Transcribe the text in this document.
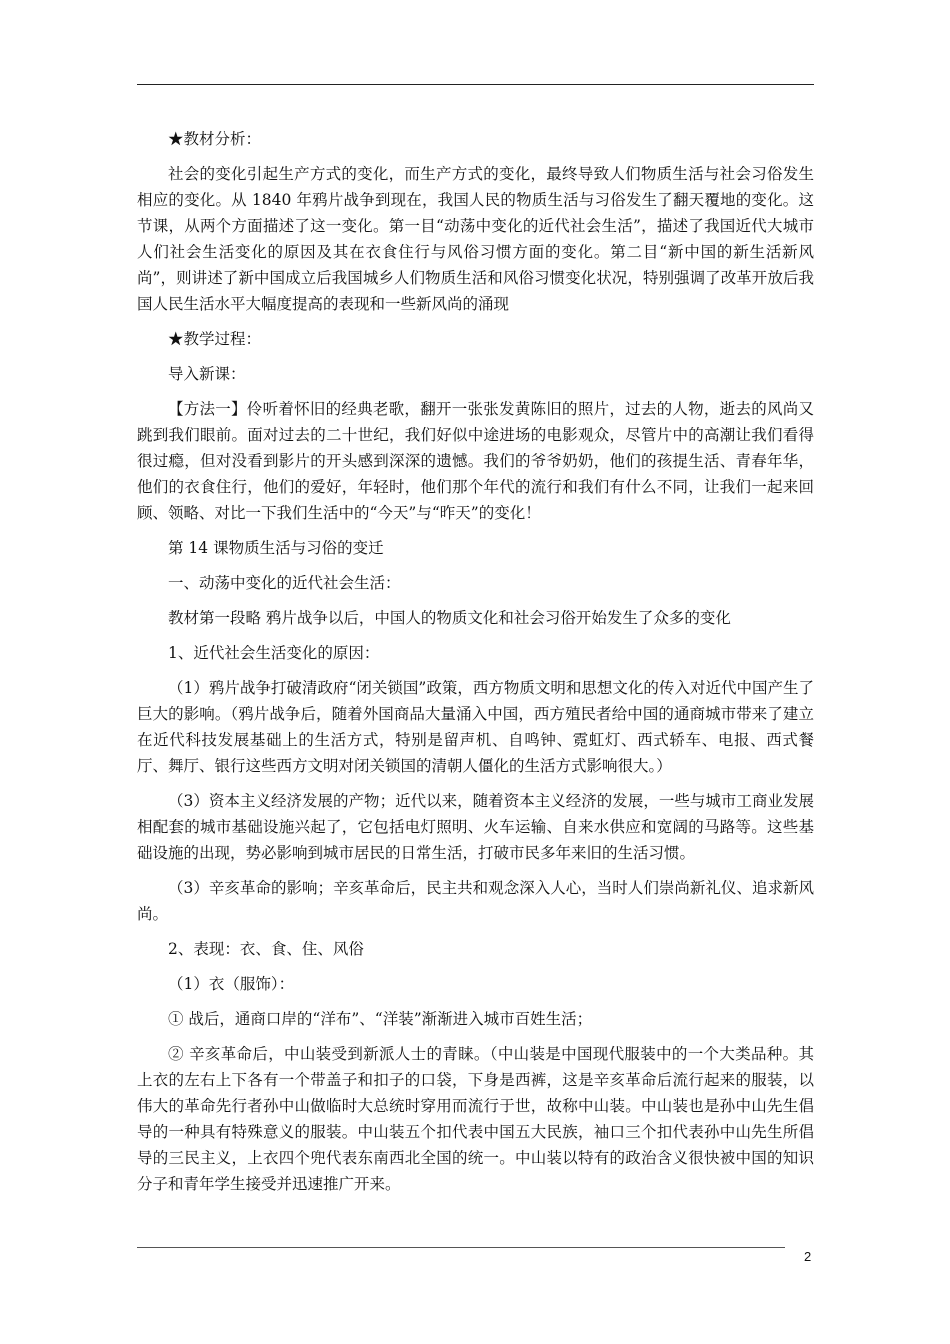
★教材分析：

社会的变化引起生产方式的变化，而生产方式的变化，最终导致人们物质生活与社会习俗发生相应的变化。从 1840 年鸦片战争到现在，我国人民的物质生活与习俗发生了翻天覆地的变化。这节课，从两个方面描述了这一变化。第一目“动荡中变化的近代社会生活”，描述了我国近代大城市人们社会生活变化的原因及其在衣食住行与风俗习惯方面的变化。第二目“新中国的新生活新风尚”，则讲述了新中国成立后我国城乡人们物质生活和风俗习惯变化状况，特别强调了改革开放后我国人民生活水平大幅度提高的表现和一些新风尚的涌现

★教学过程：

导入新课：

【方法一】伶听着怀旧的经典老歌，翻开一张张发黄陈旧的照片，过去的人物，逝去的风尚又跳到我们眼前。面对过去的二十世纪，我们好似中途进场的电影观众，尽管片中的高潮让我们看得很过瘾，但对没看到影片的开头感到深深的遗憾。我们的爷爷奶奶，他们的孩提生活、青春年华，他们的衣食住行，他们的爱好，年轻时，他们那个年代的流行和我们有什么不同，让我们一起来回顾、领略、对比一下我们生活中的“今天”与“昨天”的变化！

第 14 课物质生活与习俗的变迁

一、动荡中变化的近代社会生活：

教材第一段略 鸦片战争以后，中国人的物质文化和社会习俗开始发生了众多的变化

1、近代社会生活变化的原因：

（1）鸦片战争打破清政府“闭关锁国”政策，西方物质文明和思想文化的传入对近代中国产生了巨大的影响。（鸦片战争后，随着外国商品大量涌入中国，西方殖民者给中国的通商城市带来了建立在近代科技发展基础上的生活方式，特别是留声机、自鸣钟、霓虹灯、西式轿车、电报、西式餐厅、舞厅、银行这些西方文明对闭关锁国的清朝人僵化的生活方式影响很大。）

（3）资本主义经济发展的产物；近代以来，随着资本主义经济的发展，一些与城市工商业发展相配套的城市基础设施兴起了，它包括电灯照明、火车运输、自来水供应和宽阔的马路等。这些基础设施的出现，势必影响到城市居民的日常生活，打破市民多年来旧的生活习惯。

（3）辛亥革命的影响；辛亥革命后，民主共和观念深入人心，当时人们崇尚新礼仪、追求新风尚。

2、表现：衣、食、住、风俗

（1）衣（服饰）：

① 战后，通商口岸的“洋布”、“洋装”渐渐进入城市百姓生活；

② 辛亥革命后，中山装受到新派人士的青睐。（中山装是中国现代服装中的一个大类品种。其上衣的左右上下各有一个带盖子和扣子的口袋，下身是西裤，这是辛亥革命后流行起来的服装，以伟大的革命先行者孙中山做临时大总统时穿用而流行于世，故称中山装。中山装也是孙中山先生倡导的一种具有特殊意义的服装。中山装五个扣代表中国五大民族，袖口三个扣代表孙中山先生所倡导的三民主义，上衣四个兜代表东南西北全国的统一。中山装以特有的政治含义很快被中国的知识分子和青年学生接受并迅速推广开来。

2
